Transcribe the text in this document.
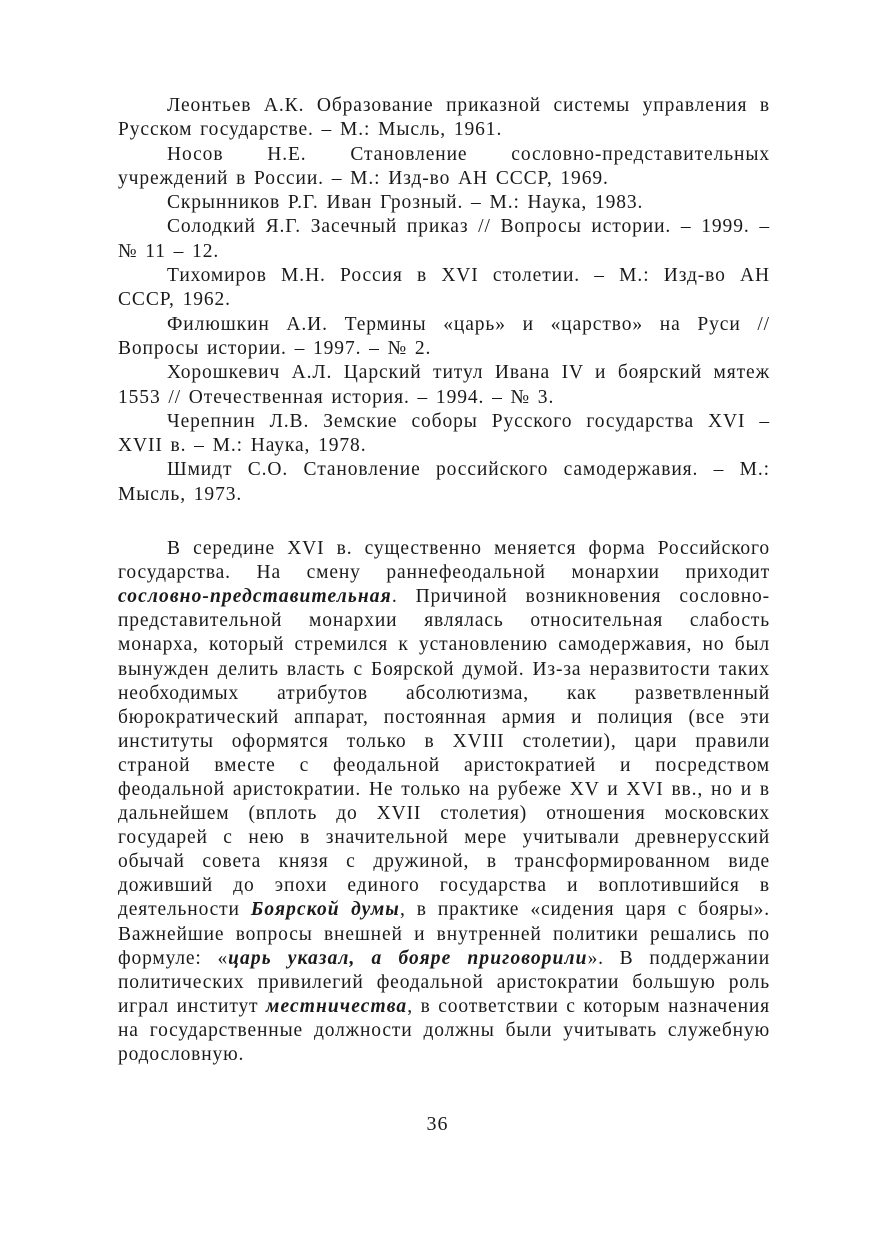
Леонтьев А.К. Образование приказной системы управления в Русском государстве. – М.: Мысль, 1961.

Носов Н.Е. Становление сословно-представительных учреждений в России. – М.: Изд-во АН СССР, 1969.

Скрынников Р.Г. Иван Грозный. – М.: Наука, 1983.

Солодкий Я.Г. Засечный приказ // Вопросы истории. – 1999. – № 11 – 12.

Тихомиров М.Н. Россия в XVI столетии. – М.: Изд-во АН СССР, 1962.

Филюшкин А.И. Термины «царь» и «царство» на Руси // Вопросы истории. – 1997. – № 2.

Хорошкевич А.Л. Царский титул Ивана IV и боярский мятеж 1553 // Отечественная история. – 1994. – № 3.

Черепнин Л.В. Земские соборы Русского государства XVI – XVII в. – М.: Наука, 1978.

Шмидт С.О. Становление российского самодержавия. – М.: Мысль, 1973.

В середине XVI в. существенно меняется форма Российского государства. На смену раннефеодальной монархии приходит сословно-представительная. Причиной возникновения сословно-представительной монархии являлась относительная слабость монарха, который стремился к установлению самодержавия, но был вынужден делить власть с Боярской думой. Из-за неразвитости таких необходимых атрибутов абсолютизма, как разветвленный бюрократический аппарат, постоянная армия и полиция (все эти институты оформятся только в XVIII столетии), цари правили страной вместе с феодальной аристократией и посредством феодальной аристократии. Не только на рубеже XV и XVI вв., но и в дальнейшем (вплоть до XVII столетия) отношения московских государей с нею в значительной мере учитывали древнерусский обычай совета князя с дружиной, в трансформированном виде доживший до эпохи единого государства и воплотившийся в деятельности Боярской думы, в практике «сидения царя с бояры». Важнейшие вопросы внешней и внутренней политики решались по формуле: «царь указал, а бояре приговорили». В поддержании политических привилегий феодальной аристократии большую роль играл институт местничества, в соответствии с которым назначения на государственные должности должны были учитывать служебную родословную.

36
